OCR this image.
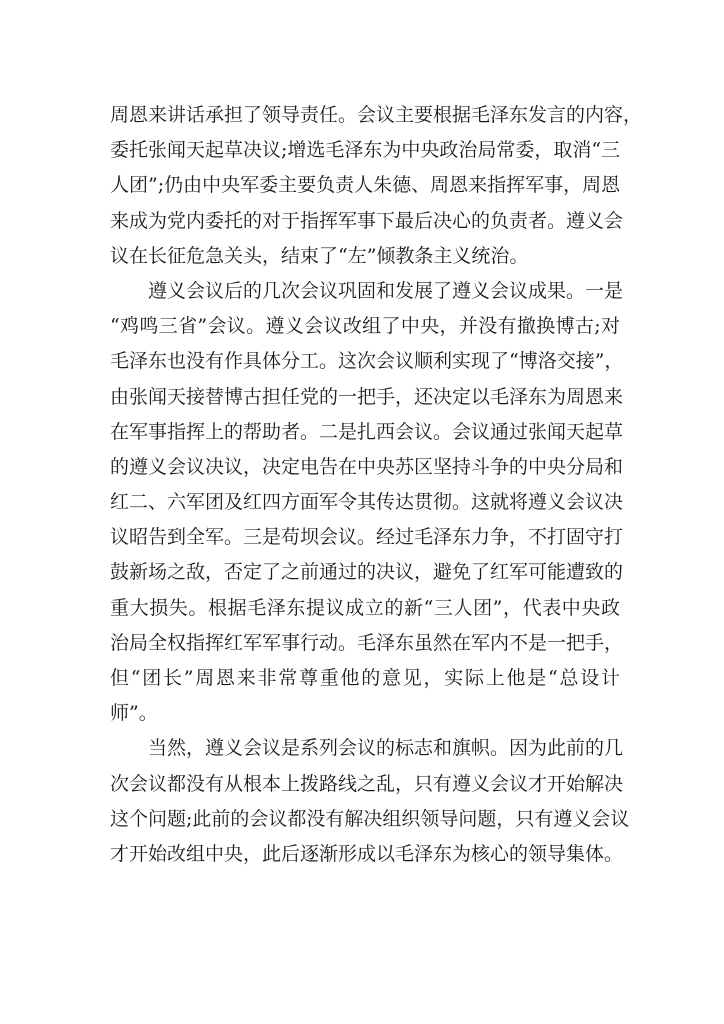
周恩来讲话承担了领导责任。会议主要根据毛泽东发言的内容，
委托张闻天起草决议;增选毛泽东为中央政治局常委，取消“三
人团”;仍由中央军委主要负责人朱德、周恩来指挥军事，周恩
来成为党内委托的对于指挥军事下最后决心的负责者。遵义会
议在长征危急关头，结束了“左”倾教条主义统治。
遵义会议后的几次会议巩固和发展了遵义会议成果。一是
“鸡鸣三省”会议。遵义会议改组了中央，并没有撤换博古;对
毛泽东也没有作具体分工。这次会议顺利实现了“博洛交接”，
由张闻天接替博古担任党的一把手，还决定以毛泽东为周恩来
在军事指挥上的帮助者。二是扎西会议。会议通过张闻天起草
的遵义会议决议，决定电告在中央苏区坚持斗争的中央分局和
红二、六军团及红四方面军令其传达贯彻。这就将遵义会议决
议昭告到全军。三是苟坝会议。经过毛泽东力争，不打固守打
鼓新场之敌，否定了之前通过的决议，避免了红军可能遭致的
重大损失。根据毛泽东提议成立的新“三人团”，代表中央政
治局全权指挥红军军事行动。毛泽东虽然在军内不是一把手，
但“团长”周恩来非常尊重他的意见，实际上他是“总设计
师”。
当然，遵义会议是系列会议的标志和旗帜。因为此前的几
次会议都没有从根本上拨路线之乱，只有遵义会议才开始解决
这个问题;此前的会议都没有解决组织领导问题，只有遵义会议
才开始改组中央，此后逐渐形成以毛泽东为核心的领导集体。
